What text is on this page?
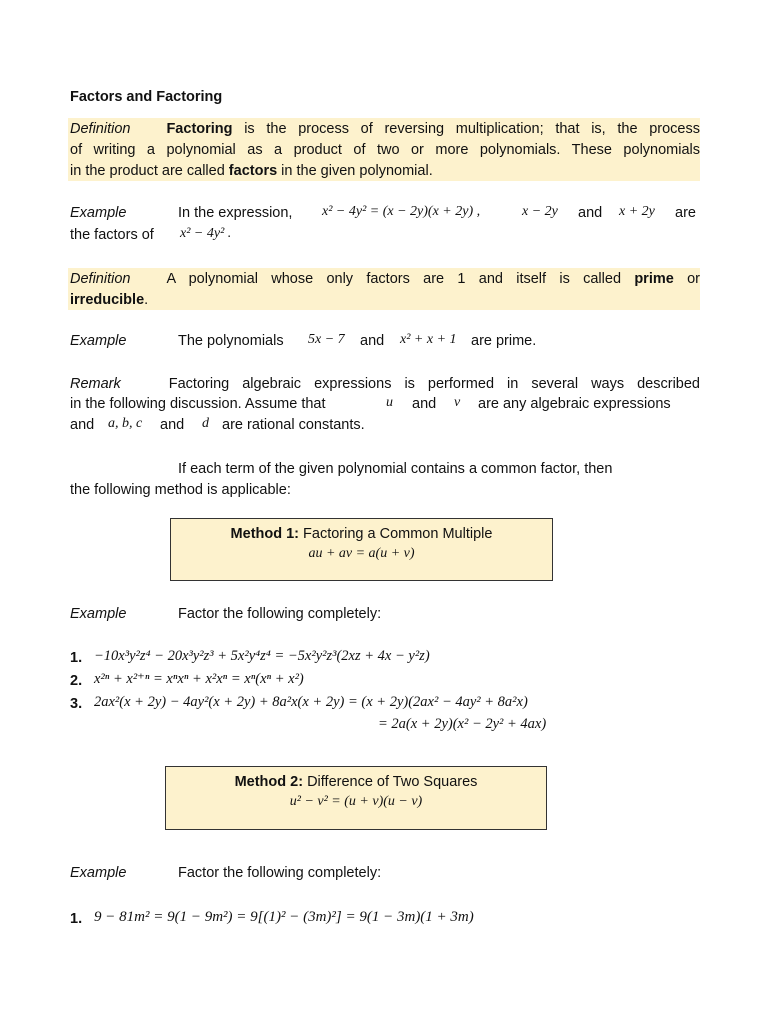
Factors and Factoring
Definition Factoring is the process of reversing multiplication; that is, the process
of writing a polynomial as a product of two or more polynomials. These polynomials
in the product are called factors in the given polynomial.
Example	In the expression, x² − 4y² = (x − 2y)(x + 2y) ,	x − 2y and x + 2y are
the factors of x² − 4y² .
Definition A polynomial whose only factors are 1 and itself is called prime or
irreducible.
Example	The polynomials 5x − 7 and x² + x + 1 are prime.
Remark	Factoring algebraic expressions is performed in several ways described
in the following discussion. Assume that	u and v are any algebraic expressions
and a, b, c and d are rational constants.
If each term of the given polynomial contains a common factor, then
the following method is applicable:
Method 1: Factoring a Common Multiple
au + av = a(u + v)
Example	Factor the following completely:
1. −10x³y²z⁴ − 20x³y²z³ + 5x²y⁴z⁴ = −5x²y²z³(2xz + 4x − y²z)
2. x²ⁿ + x²⁺ⁿ = xⁿxⁿ + x²xⁿ = xⁿ(xⁿ + x²)
3. 2ax²(x + 2y) − 4ay²(x + 2y) + 8a²x(x + 2y) = (x + 2y)(2ax² − 4ay² + 8a²x)
= 2a(x + 2y)(x² − 2y² + 4ax)
Method 2: Difference of Two Squares
u² − v² = (u + v)(u − v)
Example	Factor the following completely:
1. 9 − 81m² = 9(1 − 9m²) = 9[(1)² − (3m)²] = 9(1 − 3m)(1 + 3m)
